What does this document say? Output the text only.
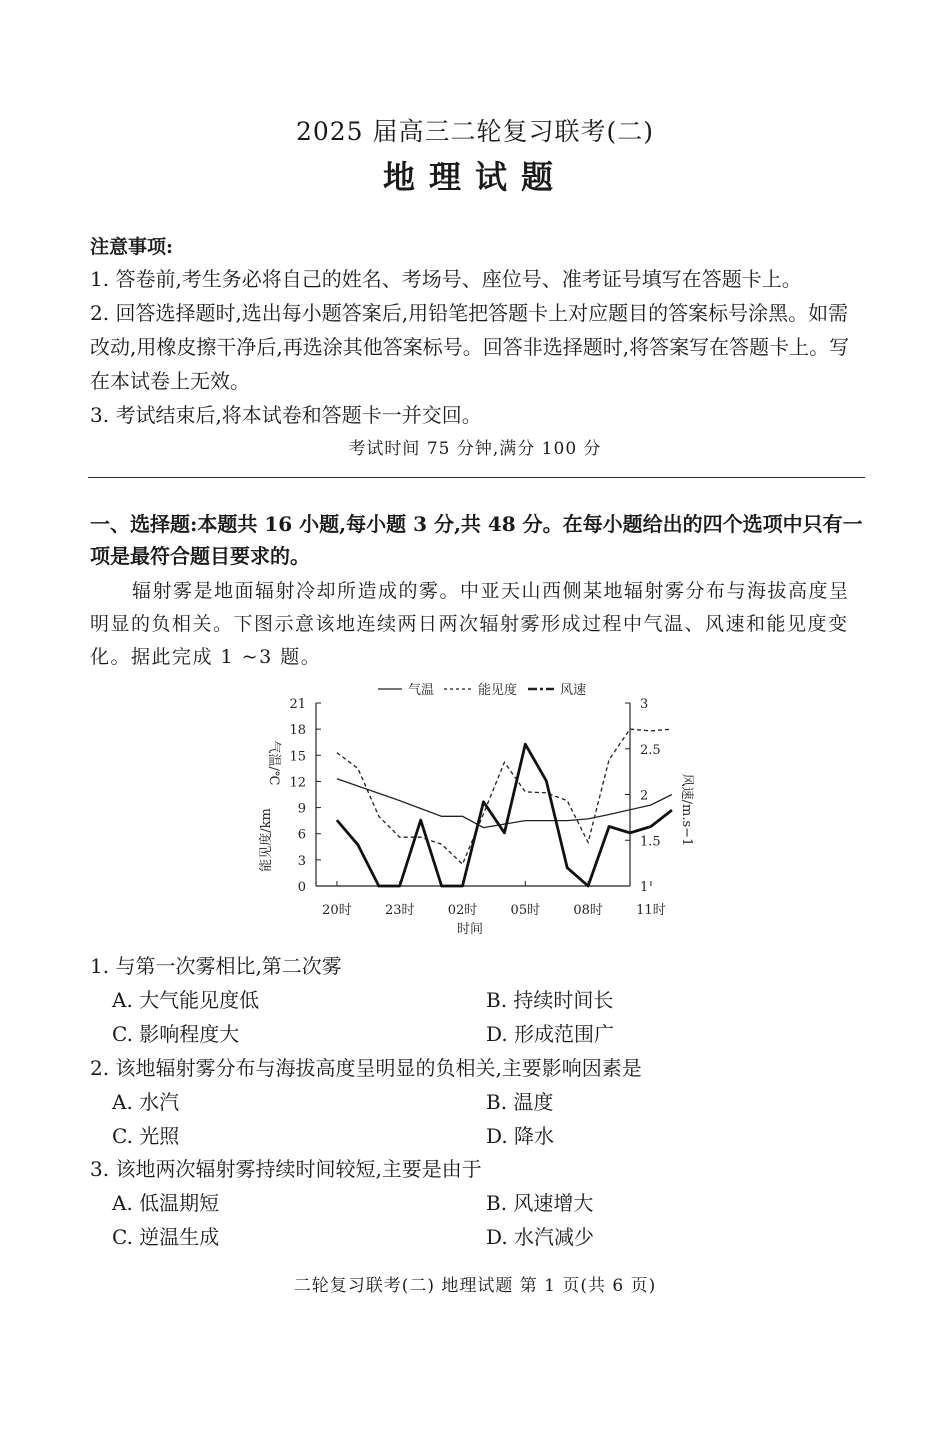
2025 届高三二轮复习联考(二)
地理试题
注意事项:

1. 答卷前,考生务必将自己的姓名、考场号、座位号、准考证号填写在答题卡上。

2. 回答选择题时,选出每小题答案后,用铅笔把答题卡上对应题目的答案标号涂黑。如需改动,用橡皮擦干净后,再选涂其他答案标号。回答非选择题时,将答案写在答题卡上。写在本试卷上无效。

3. 考试结束后,将本试卷和答题卡一并交回。

考试时间 75 分钟,满分 100 分
一、选择题:本题共 16 小题,每小题 3 分,共 48 分。在每小题给出的四个选项中只有一项是最符合题目要求的。
辐射雾是地面辐射冷却所造成的雾。中亚天山西侧某地辐射雾分布与海拔高度呈明显的负相关。下图示意该地连续两日两次辐射雾形成过程中气温、风速和能见度变化。据此完成 1 ~3 题。
气温	能见度	风速
0
3
6
9
12
15
18
21
1
1.5
2
2.5
3
20时	23时	02时	05时	08时	11时
时间
气温/℃
能见度/km	风速/m.s−1
1. 与第一次雾相比,第二次雾
A. 大气能见度低	B. 持续时间长
C. 影响程度大	D. 形成范围广
2. 该地辐射雾分布与海拔高度呈明显的负相关,主要影响因素是
A. 水汽	B. 温度
C. 光照	D. 降水
3. 该地两次辐射雾持续时间较短,主要是由于
A. 低温期短	B. 风速增大
C. 逆温生成	D. 水汽减少
二轮复习联考(二) 地理试题 第 1 页(共 6 页)
